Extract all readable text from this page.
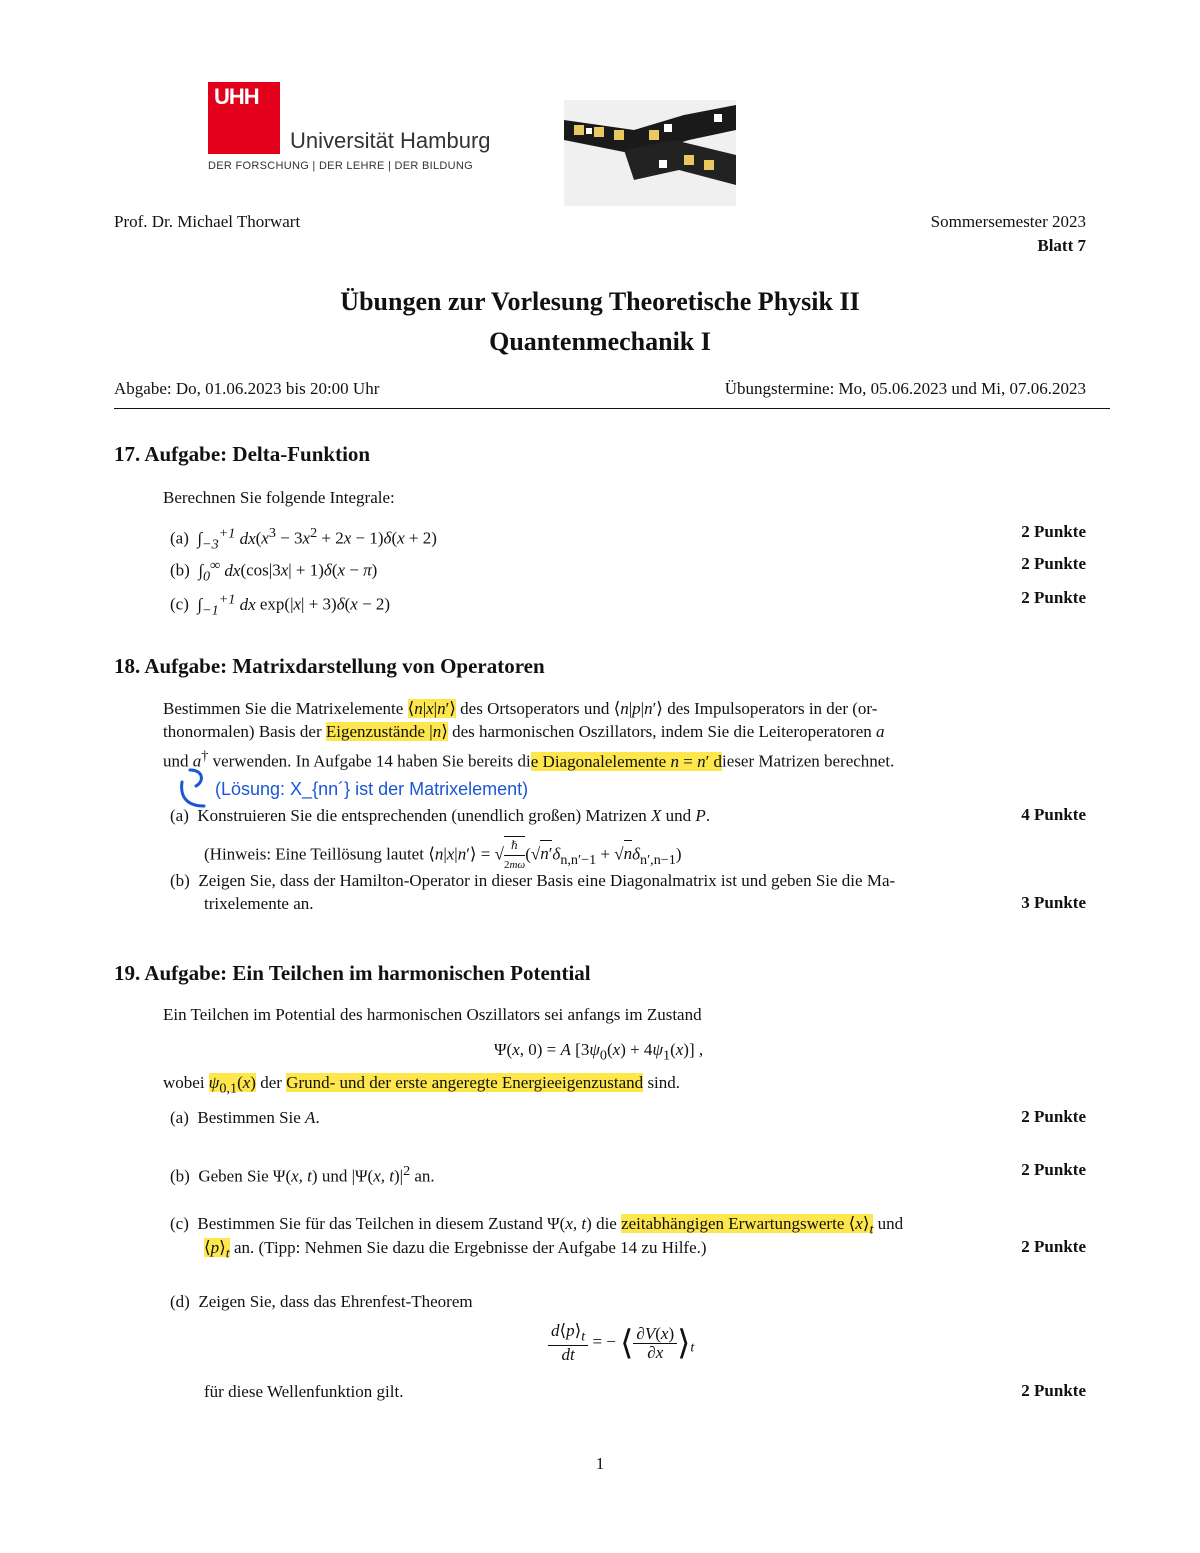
UHH
Universität Hamburg
DER FORSCHUNG | DER LEHRE | DER BILDUNG
Prof. Dr. Michael Thorwart	Sommersemester 2023
Blatt 7
Übungen zur Vorlesung Theoretische Physik II
Quantenmechanik I
Abgabe: Do, 01.06.2023 bis 20:00 Uhr	Übungstermine: Mo, 05.06.2023 und Mi, 07.06.2023
17. Aufgabe: Delta-Funktion
Berechnen Sie folgende Integrale:
(a) $\int_{-3}^{+1}$ $dx(x^3 - 3x^2 + 2x - 1)\delta(x + 2)$	2 Punkte
(b) $\int_0^\infty$ dx(cos|3x| + 1)δ(x − π)	2 Punkte
(c) $\int_{-1}^{+1}$ dx exp(|x| + 3)δ(x − 2)	2 Punkte
18. Aufgabe: Matrixdarstellung von Operatoren
Bestimmen Sie die Matrixelemente ⟨n|x|n′⟩ des Ortsoperators und ⟨n|p|n′⟩ des Impulsoperators in der (or-
thonormalen) Basis der Eigenzustände |n⟩ des harmonischen Oszillators, indem Sie die Leiteroperatoren a
und a† verwenden. In Aufgabe 14 haben Sie bereits die Diagonalelemente n = n′ dieser Matrizen berechnet.
(Lösung: X_{nn´} ist der Matrixelement)
(a)  Konstruieren Sie die entsprechenden (unendlich großen) Matrizen X und P.	4 Punkte
(Hinweis: Eine Teillösung lautet ⟨n|x|n′⟩ = √ $\frac{\text{ℏ}}{2m\omega} (√n'\delta_{n,n'-1} + √n\delta_{n',n-1})$
(b)  Zeigen Sie, dass der Hamilton-Operator in dieser Basis eine Diagonalmatrix ist und geben Sie die Ma-
trixelemente an.	3 Punkte
19. Aufgabe: Ein Teilchen im harmonischen Potential
Ein Teilchen im Potential des harmonischen Oszillators sei anfangs im Zustand
Ψ(x, 0) = A $[3\psi_0(x) + 4\psi_1(x)]$ ,
wobei $\psi_{0,1}(x)$ der Grund- und der erste angeregte Energieeigenzustand sind.
(a)  Bestimmen Sie A.	2 Punkte
(b)  Geben Sie Ψ(x, t) und |Ψ(x, $t)|^2$ an.	2 Punkte
(c)  Bestimmen Sie für das Teilchen in diesem Zustand Ψ(x, t) die zeitabhängigen Erwartungswerte $⟨x⟩_t$ und
$⟨p⟩_t$ an. (Tipp: Nehmen Sie dazu die Ergebnisse der Aufgabe 14 zu Hilfe.)	2 Punkte
(d)  Zeigen Sie, dass das Ehrenfest-Theorem
$\frac{d⟨p⟩_t}{dt}$ = − ⟨ $\frac{\partial V(x)}{\partial x}$ $⟩_t$
für diese Wellenfunktion gilt.	2 Punkte
1
